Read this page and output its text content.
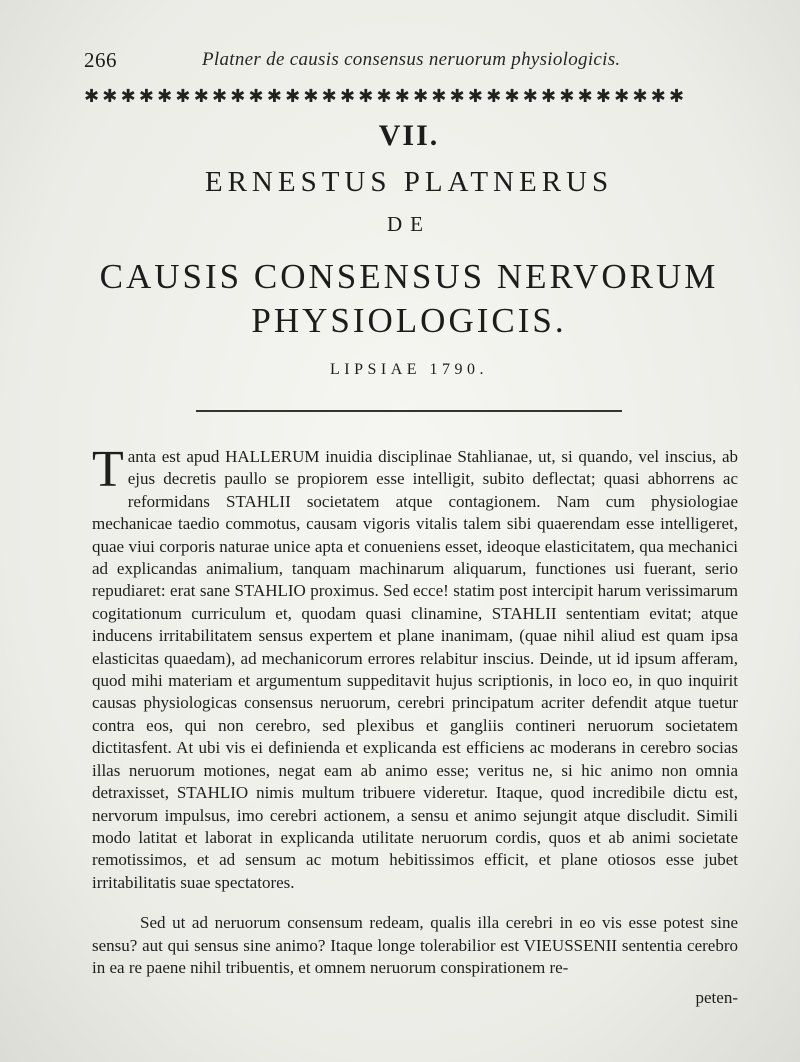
266	Platner de causis consensus neruorum physiologicis.
✱✱✱✱✱✱✱✱✱✱✱✱✱✱✱✱✱✱✱✱✱✱✱✱✱✱✱✱✱✱✱✱✱
VII.
ERNESTUS PLATNERUS
DE
CAUSIS CONSENSUS NERVORUM
PHYSIOLOGICIS.
LIPSIAE 1790.

Tanta est apud HALLERUM inuidia disciplinae Stahlianae, ut, si quando, vel inscius, ab ejus decretis paullo se propiorem esse intelligit, subito deflectat; quasi abhorrens ac reformidans STAHLII societatem atque contagionem. Nam cum physiologiae mechanicae taedio commotus, causam vigoris vitalis talem sibi quaerendam esse intelligeret, quae viui corporis naturae unice apta et conueniens esset, ideoque elasticitatem, qua mechanici ad explicandas animalium, tanquam machinarum aliquarum, functiones usi fuerant, serio repudiaret: erat sane STAHLIO proximus. Sed ecce! statim post intercipit harum verissimarum cogitationum curriculum et, quodam quasi clinamine, STAHLII sententiam evitat; atque inducens irritabilitatem sensus expertem et plane inanimam, (quae nihil aliud est quam ipsa elasticitas quaedam), ad mechanicorum errores relabitur inscius. Deinde, ut id ipsum afferam, quod mihi materiam et argumentum suppeditavit hujus scriptionis, in loco eo, in quo inquirit causas physiologicas consensus neruorum, cerebri principatum acriter defendit atque tuetur contra eos, qui non cerebro, sed plexibus et gangliis contineri neruorum societatem dictitasfent. At ubi vis ei definienda et explicanda est efficiens ac moderans in cerebro socias illas neruorum motiones, negat eam ab animo esse; veritus ne, si hic animo non omnia detraxisset, STAHLIO nimis multum tribuere videretur. Itaque, quod incredibile dictu est, nervorum impulsus, imo cerebri actionem, a sensu et animo sejungit atque discludit. Simili modo latitat et laborat in explicanda utilitate neruorum cordis, quos et ab animi societate remotissimos, et ad sensum ac motum hebitissimos efficit, et plane otiosos esse jubet irritabilitatis suae spectatores.

Sed ut ad neruorum consensum redeam, qualis illa cerebri in eo vis esse potest sine sensu? aut qui sensus sine animo? Itaque longe tolerabilior est VIEUSSENII sententia cerebro in ea re paene nihil tribuentis, et omnem neruorum conspirationem re-

peten-
